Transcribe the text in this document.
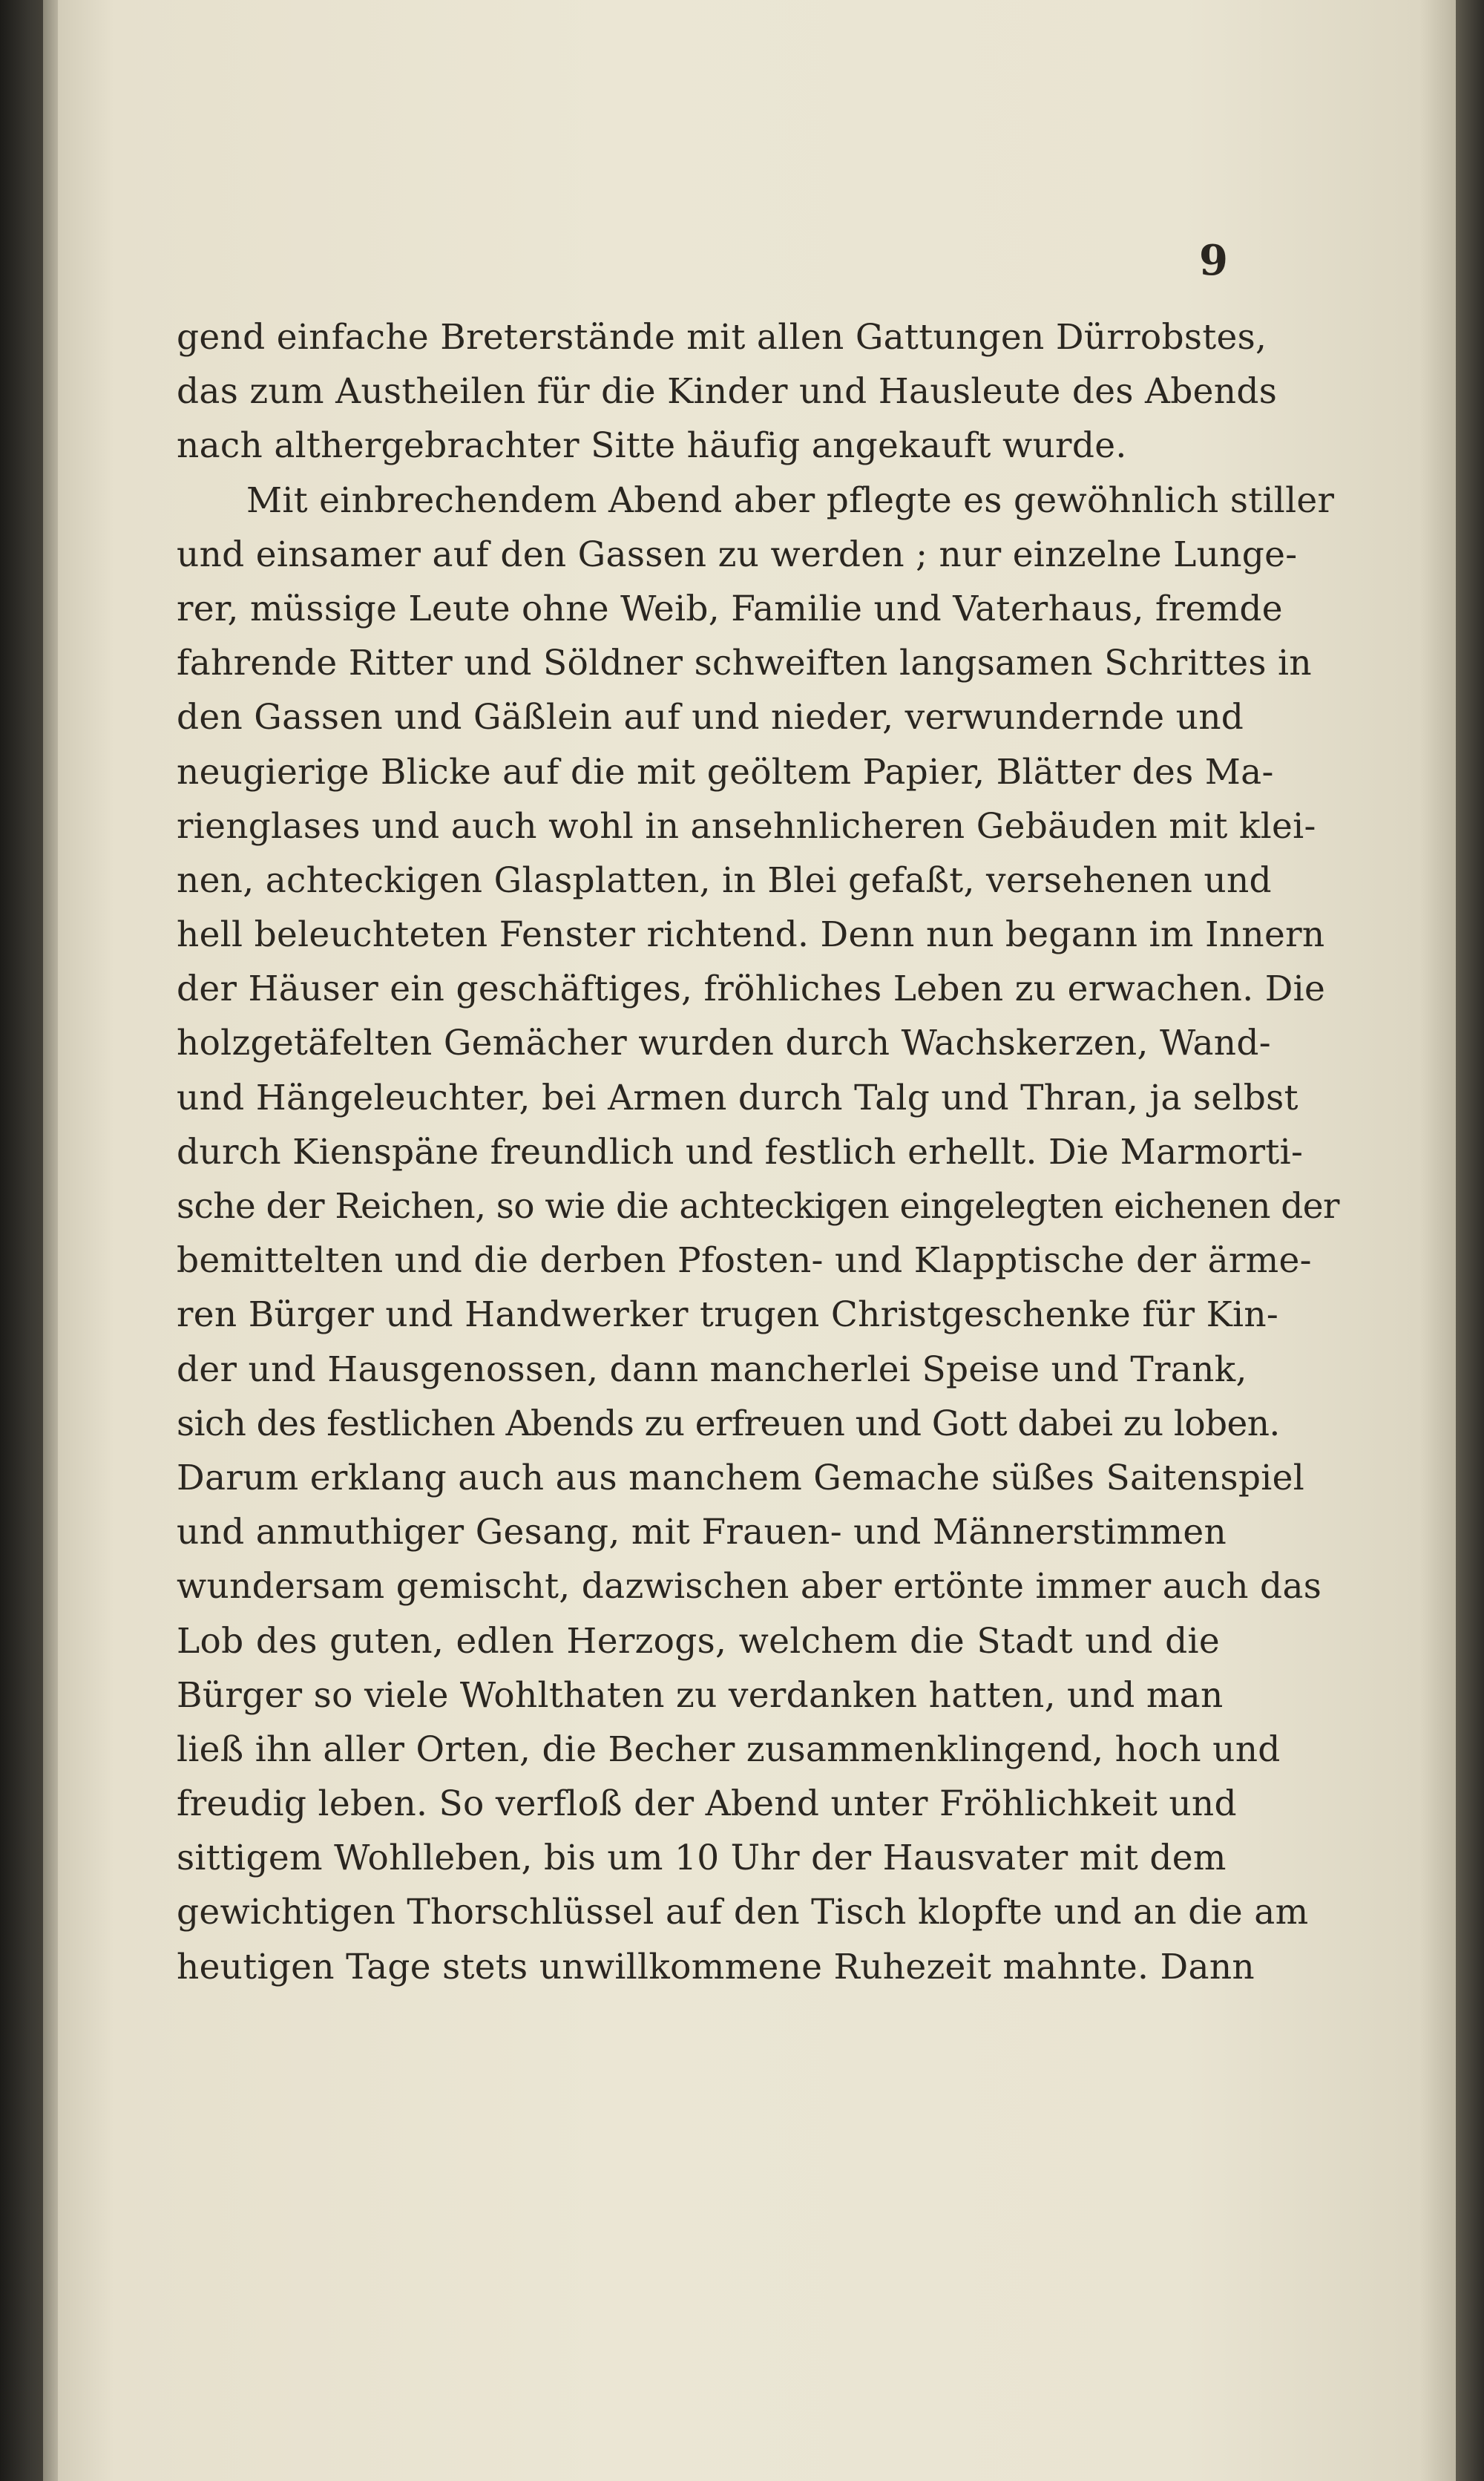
9
gend einfache Breterstände mit allen Gattungen Dürrobstes,
das zum Austheilen für die Kinder und Hausleute des Abends
nach althergebrachter Sitte häufig angekauft wurde.
Mit einbrechendem Abend aber pflegte es gewöhnlich stiller
und einsamer auf den Gassen zu werden ; nur einzelne Lunge-
rer, müssige Leute ohne Weib, Familie und Vaterhaus, fremde
fahrende Ritter und Söldner schweiften langsamen Schrittes in
den Gassen und Gäßlein auf und nieder, verwundernde und
neugierige Blicke auf die mit geöltem Papier, Blätter des Ma-
rienglases und auch wohl in ansehnlicheren Gebäuden mit klei-
nen, achteckigen Glasplatten, in Blei gefaßt, versehenen und
hell beleuchteten Fenster richtend. Denn nun begann im Innern
der Häuser ein geschäftiges, fröhliches Leben zu erwachen. Die
holzgetäfelten Gemächer wurden durch Wachskerzen, Wand-
und Hängeleuchter, bei Armen durch Talg und Thran, ja selbst
durch Kienspäne freundlich und festlich erhellt. Die Marmorti-
sche der Reichen, so wie die achteckigen eingelegten eichenen der
bemittelten und die derben Pfosten- und Klapptische der ärme-
ren Bürger und Handwerker trugen Christgeschenke für Kin-
der und Hausgenossen, dann mancherlei Speise und Trank,
sich des festlichen Abends zu erfreuen und Gott dabei zu loben.
Darum erklang auch aus manchem Gemache süßes Saitenspiel
und anmuthiger Gesang, mit Frauen- und Männerstimmen
wundersam gemischt, dazwischen aber ertönte immer auch das
Lob des guten, edlen Herzogs, welchem die Stadt und die
Bürger so viele Wohlthaten zu verdanken hatten, und man
ließ ihn aller Orten, die Becher zusammenklingend, hoch und
freudig leben. So verfloß der Abend unter Fröhlichkeit und
sittigem Wohlleben, bis um 10 Uhr der Hausvater mit dem
gewichtigen Thorschlüssel auf den Tisch klopfte und an die am
heutigen Tage stets unwillkommene Ruhezeit mahnte. Dann
